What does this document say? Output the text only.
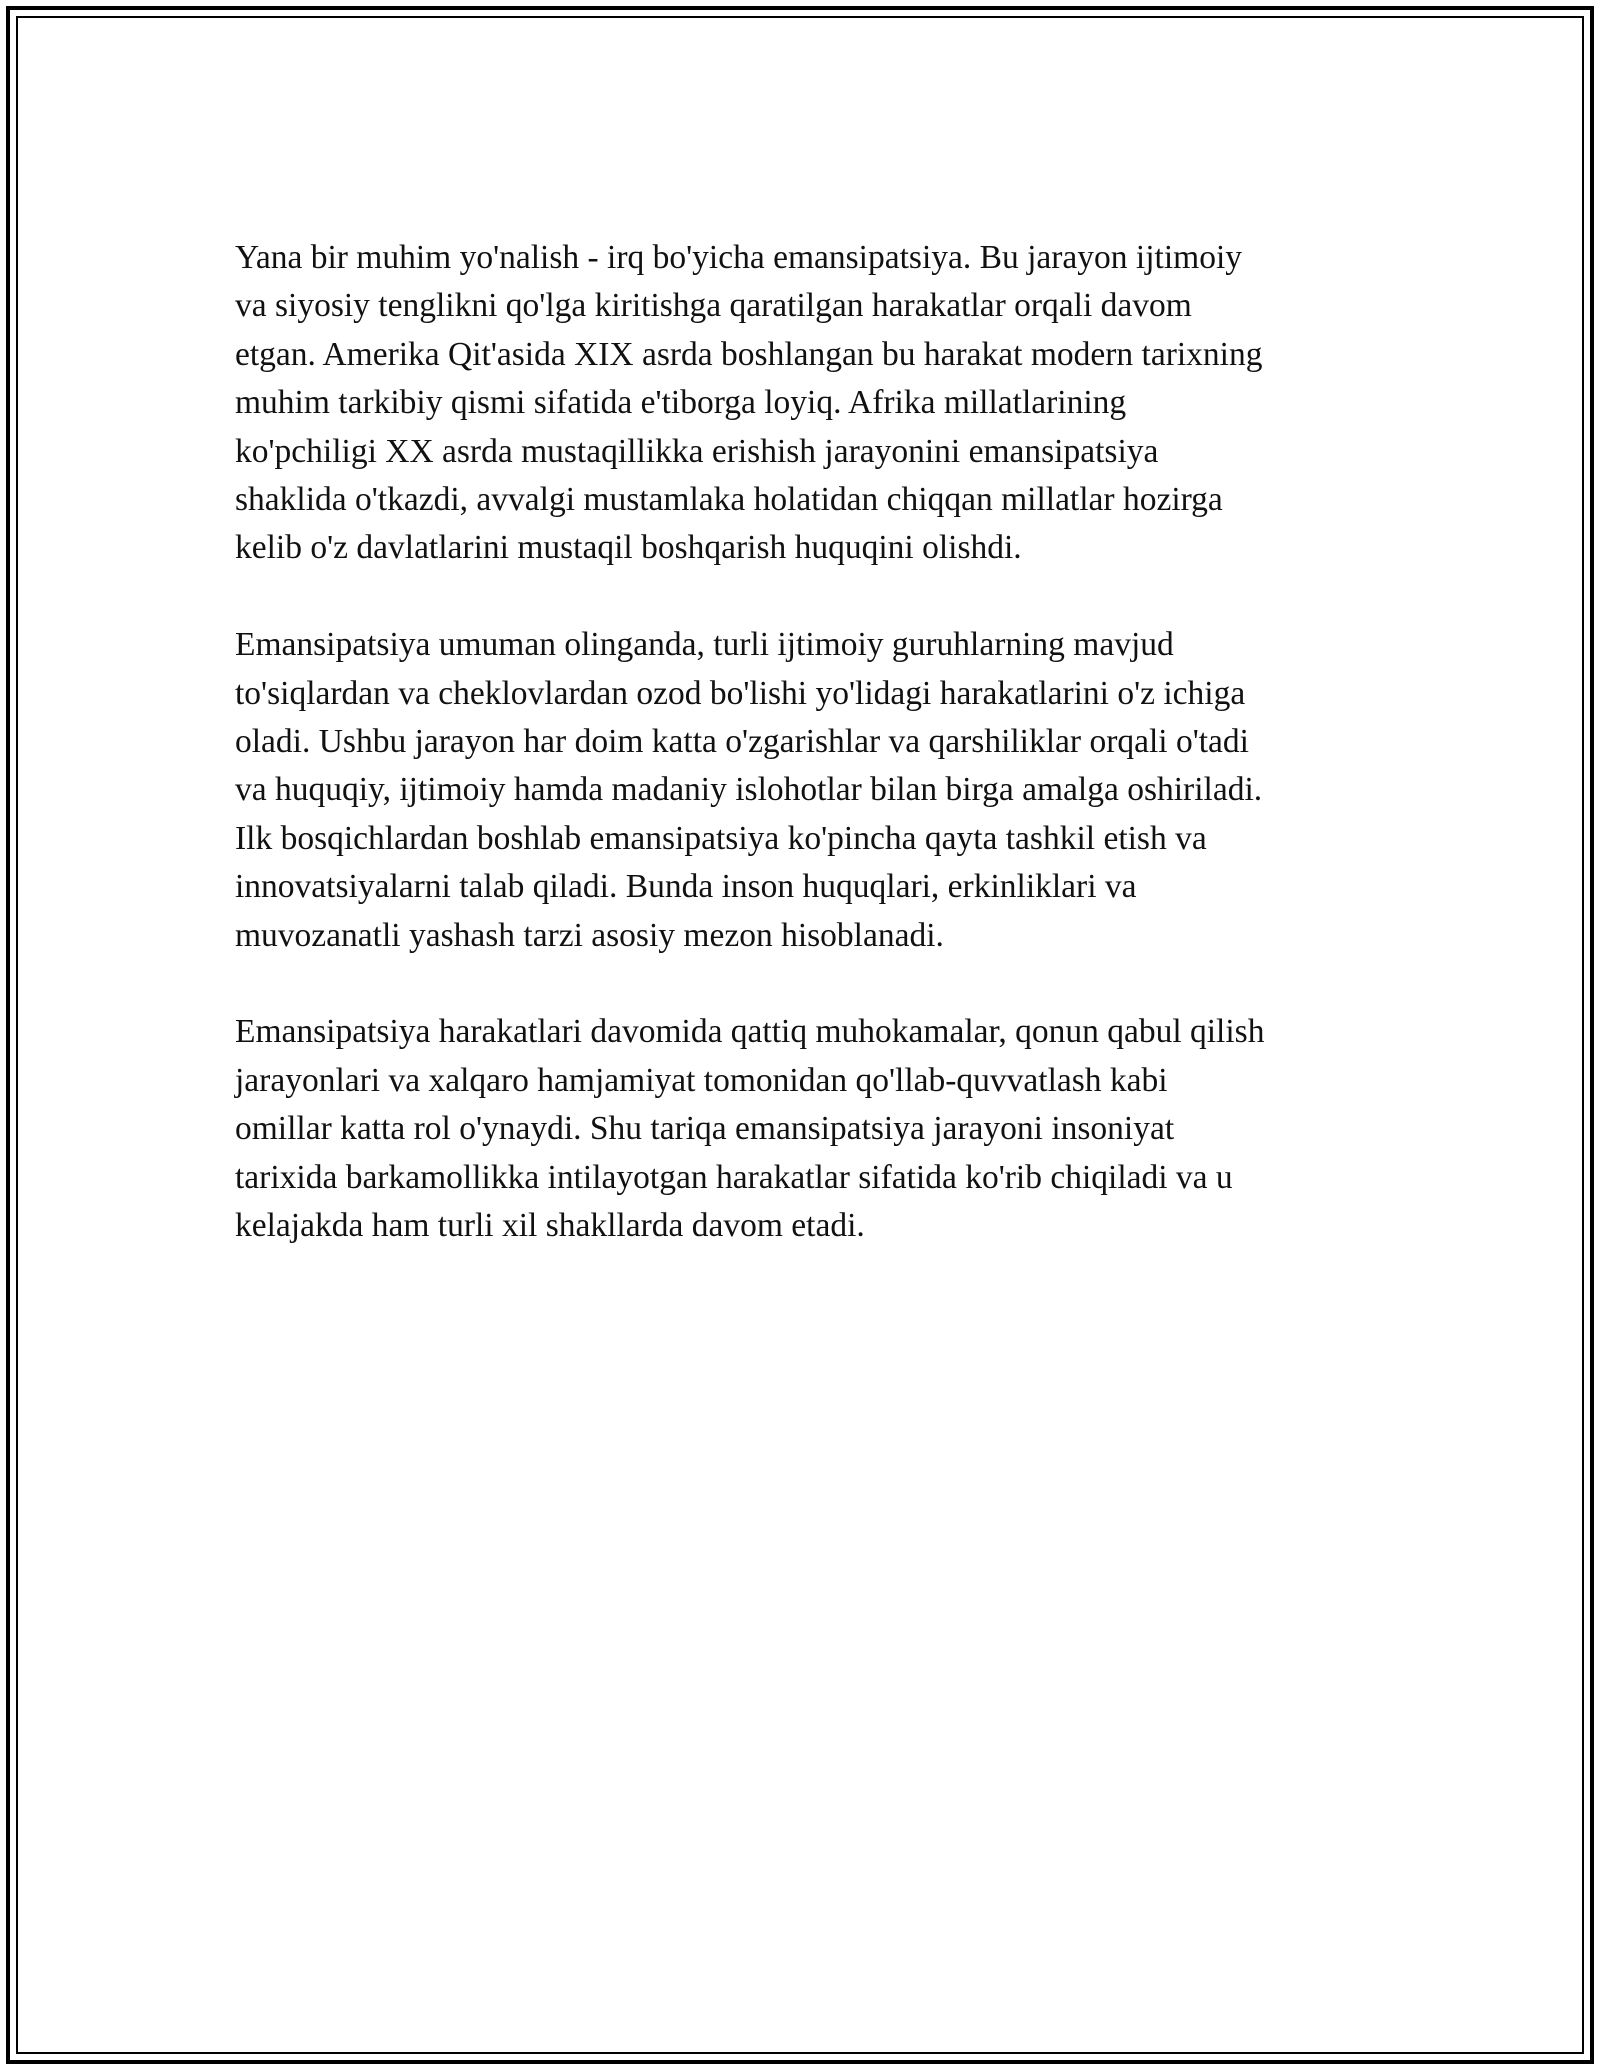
Yana bir muhim yo'nalish - irq bo'yicha emansipatsiya. Bu jarayon ijtimoiy
va siyosiy tenglikni qo'lga kiritishga qaratilgan harakatlar orqali davom
etgan. Amerika Qit'asida XIX asrda boshlangan bu harakat modern tarixning
muhim tarkibiy qismi sifatida e'tiborga loyiq. Afrika millatlarining
ko'pchiligi XX asrda mustaqillikka erishish jarayonini emansipatsiya
shaklida o'tkazdi, avvalgi mustamlaka holatidan chiqqan millatlar hozirga
kelib o'z davlatlarini mustaqil boshqarish huquqini olishdi.

Emansipatsiya umuman olinganda, turli ijtimoiy guruhlarning mavjud
to'siqlardan va cheklovlardan ozod bo'lishi yo'lidagi harakatlarini o'z ichiga
oladi. Ushbu jarayon har doim katta o'zgarishlar va qarshiliklar orqali o'tadi
va huquqiy, ijtimoiy hamda madaniy islohotlar bilan birga amalga oshiriladi.
Ilk bosqichlardan boshlab emansipatsiya ko'pincha qayta tashkil etish va
innovatsiyalarni talab qiladi. Bunda inson huquqlari, erkinliklari va
muvozanatli yashash tarzi asosiy mezon hisoblanadi.

Emansipatsiya harakatlari davomida qattiq muhokamalar, qonun qabul qilish
jarayonlari va xalqaro hamjamiyat tomonidan qo'llab-quvvatlash kabi
omillar katta rol o'ynaydi. Shu tariqa emansipatsiya jarayoni insoniyat
tarixida barkamollikka intilayotgan harakatlar sifatida ko'rib chiqiladi va u
kelajakda ham turli xil shakllarda davom etadi.
